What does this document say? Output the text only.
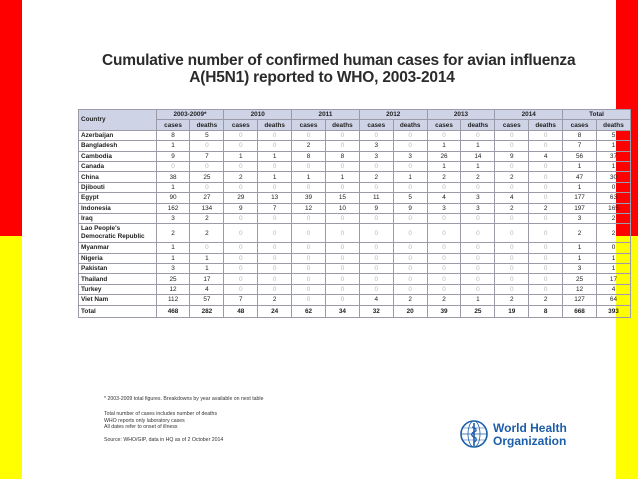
Cumulative number of confirmed human cases for avian influenza
A(H5N1) reported to WHO, 2003-2014
* 2003-2009 total figures. Breakdowns by year available on next table
Total number of cases includes number of deaths
WHO reports only laboratory cases
All dates refer to onset of illness
Source: WHO/GIP, data in HQ as of 2 October 2014
World Health
Organization
Country	2003-2009*		2010		2011		2012		2013		2014		Total	
	cases	deaths	cases	deaths	cases	deaths	cases	deaths	cases	deaths	cases	deaths	cases	deaths
Azerbaijan	8	5	0	0	0	0	0	0	0	0	0	0	8	5
Bangladesh	1	0	0	0	2	0	3	0	1	1	0	0	7	1
Cambodia	9	7	1	1	8	8	3	3	26	14	9	4	56	37
Canada	0	0	0	0	0	0	0	0	1	1	0	0	1	1
China	38	25	2	1	1	1	2	1	2	2	2	0	47	30
Djibouti	1	0	0	0	0	0	0	0	0	0	0	0	1	0
Egypt	90	27	29	13	39	15	11	5	4	3	4	0	177	63
Indonesia	162	134	9	7	12	10	9	9	3	3	2	2	197	165
Iraq	3	2	0	0	0	0	0	0	0	0	0	0	3	2
Lao People's Democratic Republic	2	2	0	0	0	0	0	0	0	0	0	0	2	2
Myanmar	1	0	0	0	0	0	0	0	0	0	0	0	1	0
Nigeria	1	1	0	0	0	0	0	0	0	0	0	0	1	1
Pakistan	3	1	0	0	0	0	0	0	0	0	0	0	3	1
Thailand	25	17	0	0	0	0	0	0	0	0	0	0	25	17
Turkey	12	4	0	0	0	0	0	0	0	0	0	0	12	4
Viet Nam	112	57	7	2	0	0	4	2	2	1	2	2	127	64
Total	468	282	48	24	62	34	32	20	39	25	19	8	668	393
